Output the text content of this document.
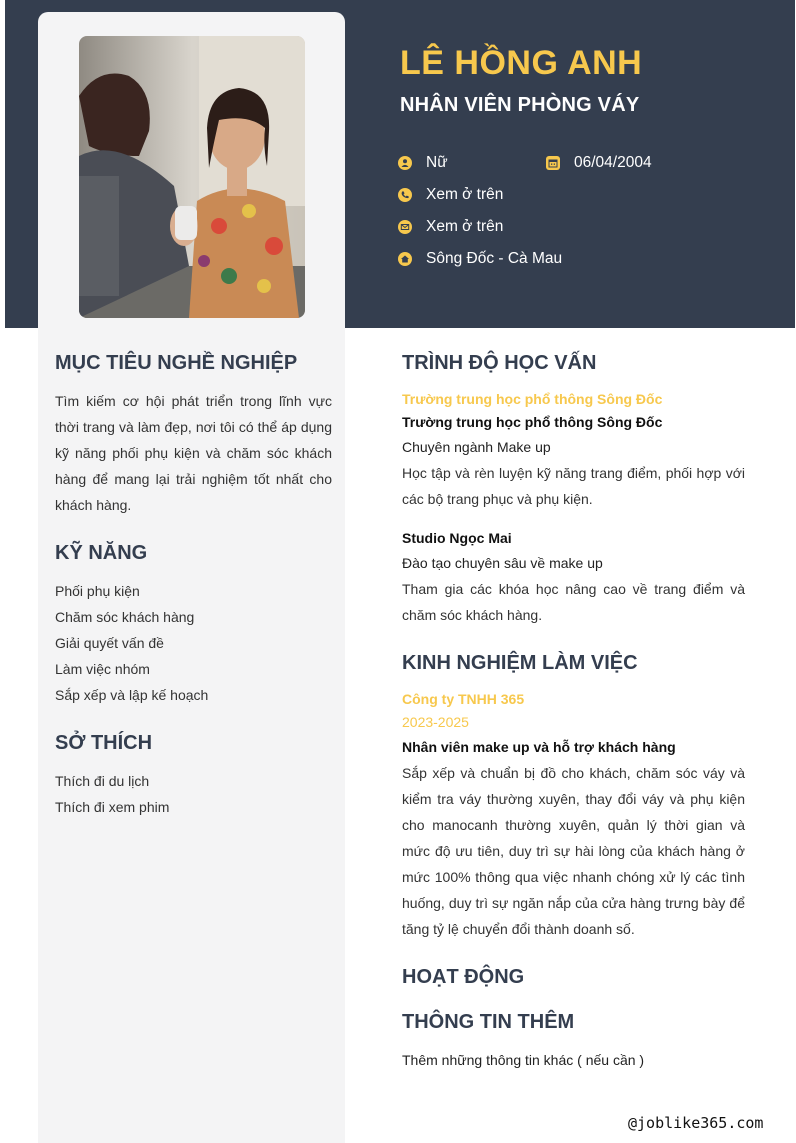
LÊ HỒNG ANH
NHÂN VIÊN PHÒNG VÁY
Nữ	06/04/2004
Xem ở trên
Xem ở trên
Sông Đốc - Cà Mau
MỤC TIÊU NGHỀ NGHIỆP

Tìm kiếm cơ hội phát triển trong lĩnh vực thời trang và làm đẹp, nơi tôi có thể áp dụng kỹ năng phối phụ kiện và chăm sóc khách hàng để mang lại trải nghiệm tốt nhất cho khách hàng.

KỸ NĂNG
Phối phụ kiện
Chăm sóc khách hàng
Giải quyết vấn đề
Làm việc nhóm
Sắp xếp và lập kế hoạch
SỞ THÍCH
Thích đi du lịch
Thích đi xem phim
TRÌNH ĐỘ HỌC VẤN

Trường trung học phổ thông Sông Đốc

Trường trung học phổ thông Sông Đốc

Chuyên ngành Make up

Học tập và rèn luyện kỹ năng trang điểm, phối hợp với các bộ trang phục và phụ kiện.

Studio Ngọc Mai

Đào tạo chuyên sâu về make up

Tham gia các khóa học nâng cao về trang điểm và chăm sóc khách hàng.

KINH NGHIỆM LÀM VIỆC

Công ty TNHH 365

2023-2025

Nhân viên make up và hỗ trợ khách hàng

Sắp xếp và chuẩn bị đồ cho khách, chăm sóc váy và kiểm tra váy thường xuyên, thay đổi váy và phụ kiện cho manocanh thường xuyên, quản lý thời gian và mức độ ưu tiên, duy trì sự hài lòng của khách hàng ở mức 100% thông qua việc nhanh chóng xử lý các tình huống, duy trì sự ngăn nắp của cửa hàng trưng bày để tăng tỷ lệ chuyển đổi thành doanh số.

HOẠT ĐỘNG
THÔNG TIN THÊM

Thêm những thông tin khác ( nếu cần )

@joblike365.com
